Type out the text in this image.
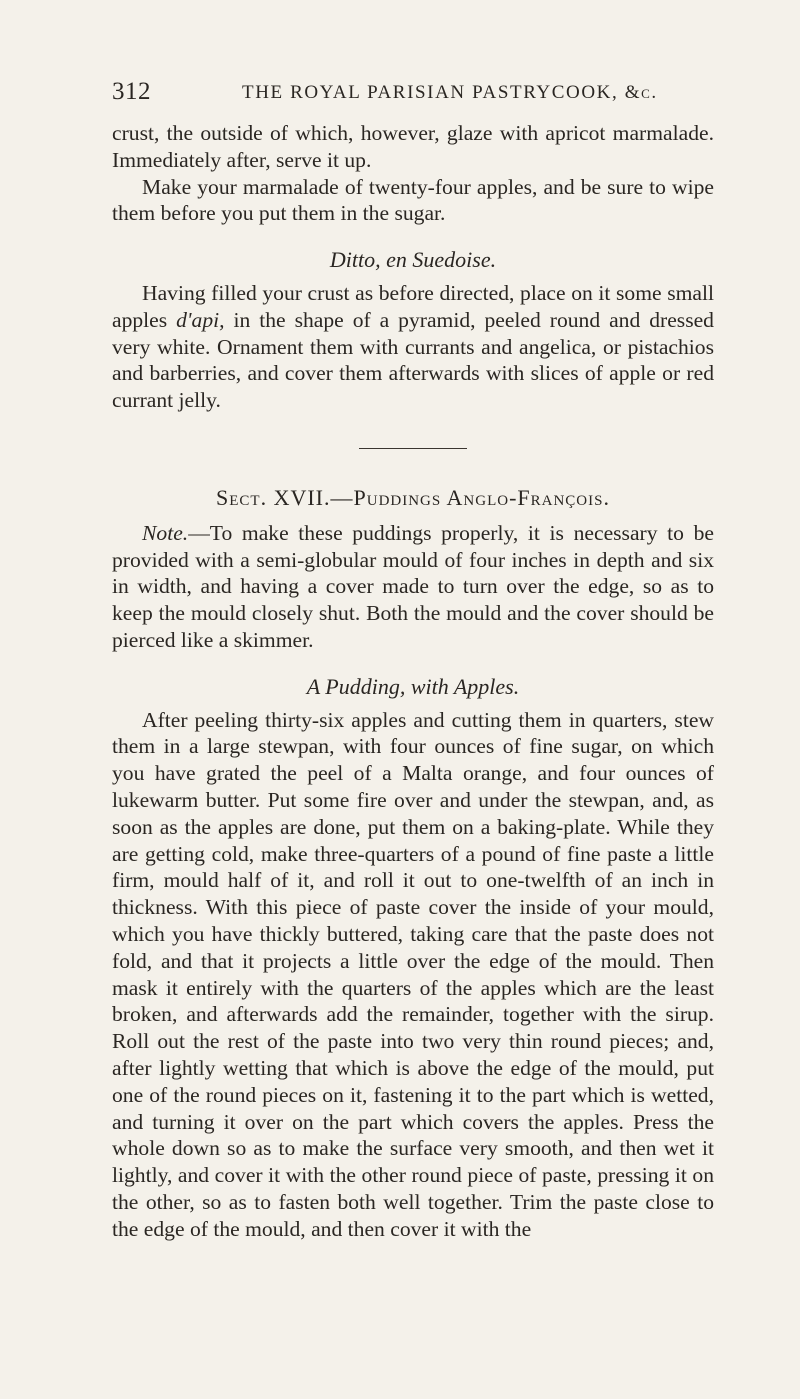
312	THE ROYAL PARISIAN PASTRYCOOK, &c.

crust, the outside of which, however, glaze with apricot marmalade. Immediately after, serve it up.

Make your marmalade of twenty-four apples, and be sure to wipe them before you put them in the sugar.

Ditto, en Suedoise.

Having filled your crust as before directed, place on it some small apples d'api, in the shape of a pyramid, peeled round and dressed very white. Ornament them with currants and angelica, or pistachios and barberries, and cover them afterwards with slices of apple or red currant jelly.

Sect. XVII.—Puddings Anglo-François.

Note.—To make these puddings properly, it is necessary to be provided with a semi-globular mould of four inches in depth and six in width, and having a cover made to turn over the edge, so as to keep the mould closely shut. Both the mould and the cover should be pierced like a skimmer.

A Pudding, with Apples.

After peeling thirty-six apples and cutting them in quarters, stew them in a large stewpan, with four ounces of fine sugar, on which you have grated the peel of a Malta orange, and four ounces of lukewarm butter. Put some fire over and under the stewpan, and, as soon as the apples are done, put them on a baking-plate. While they are getting cold, make three-quarters of a pound of fine paste a little firm, mould half of it, and roll it out to one-twelfth of an inch in thickness. With this piece of paste cover the inside of your mould, which you have thickly buttered, taking care that the paste does not fold, and that it projects a little over the edge of the mould. Then mask it entirely with the quarters of the apples which are the least broken, and afterwards add the remainder, together with the sirup. Roll out the rest of the paste into two very thin round pieces; and, after lightly wetting that which is above the edge of the mould, put one of the round pieces on it, fastening it to the part which is wetted, and turning it over on the part which covers the apples. Press the whole down so as to make the surface very smooth, and then wet it lightly, and cover it with the other round piece of paste, pressing it on the other, so as to fasten both well together. Trim the paste close to the edge of the mould, and then cover it with the
